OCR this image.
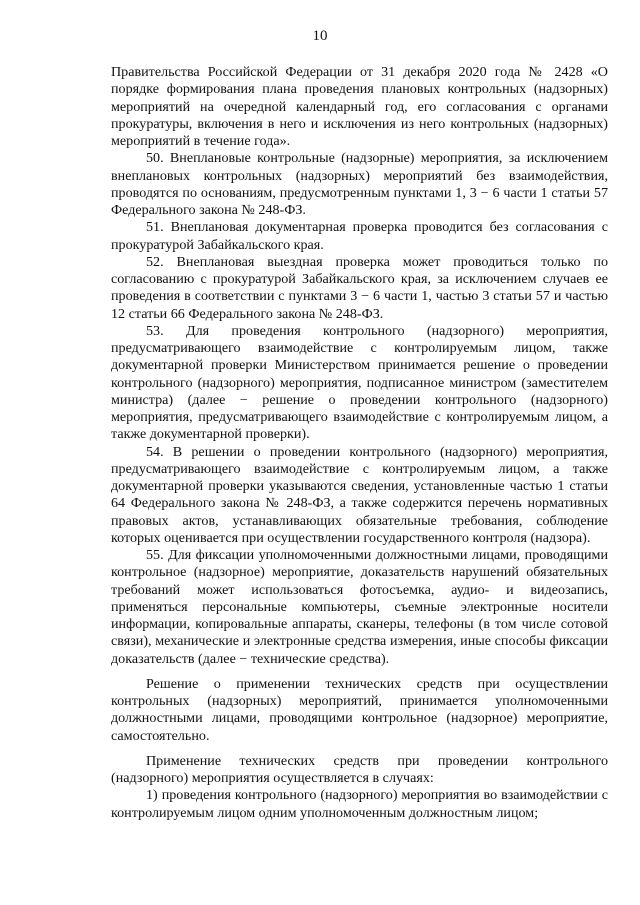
10

Правительства Российской Федерации от 31 декабря 2020 года № 2428 «О порядке формирования плана проведения плановых контрольных (надзорных) мероприятий на очередной календарный год, его согласования с органами прокуратуры, включения в него и исключения из него контрольных (надзорных) мероприятий в течение года».

50. Внеплановые контрольные (надзорные) мероприятия, за исключением внеплановых контрольных (надзорных) мероприятий без взаимодействия, проводятся по основаниям, предусмотренным пунктами 1, 3 − 6 части 1 статьи 57 Федерального закона № 248-ФЗ.

51. Внеплановая документарная проверка проводится без согласования с прокуратурой Забайкальского края.

52. Внеплановая выездная проверка может проводиться только по согласованию с прокуратурой Забайкальского края, за исключением случаев ее проведения в соответствии с пунктами 3 − 6 части 1, частью 3 статьи 57 и частью 12 статьи 66 Федерального закона № 248-ФЗ.

53. Для проведения контрольного (надзорного) мероприятия, предусматривающего взаимодействие с контролируемым лицом, также документарной проверки Министерством принимается решение о проведении контрольного (надзорного) мероприятия, подписанное министром (заместителем министра) (далее − решение о проведении контрольного (надзорного) мероприятия, предусматривающего взаимодействие с контролируемым лицом, а также документарной проверки).

54. В решении о проведении контрольного (надзорного) мероприятия, предусматривающего взаимодействие с контролируемым лицом, а также документарной проверки указываются сведения, установленные частью 1 статьи 64 Федерального закона № 248-ФЗ, а также содержится перечень нормативных правовых актов, устанавливающих обязательные требования, соблюдение которых оценивается при осуществлении государственного контроля (надзора).

55. Для фиксации уполномоченными должностными лицами, проводящими контрольное (надзорное) мероприятие, доказательств нарушений обязательных требований может использоваться фотосъемка, аудио- и видеозапись, применяться персональные компьютеры, съемные электронные носители информации, копировальные аппараты, сканеры, телефоны (в том числе сотовой связи), механические и электронные средства измерения, иные способы фиксации доказательств (далее − технические средства).

Решение о применении технических средств при осуществлении контрольных (надзорных) мероприятий, принимается уполномоченными должностными лицами, проводящими контрольное (надзорное) мероприятие, самостоятельно.

Применение технических средств при проведении контрольного (надзорного) мероприятия осуществляется в случаях:

1) проведения контрольного (надзорного) мероприятия во взаимодействии с контролируемым лицом одним уполномоченным должностным лицом;
